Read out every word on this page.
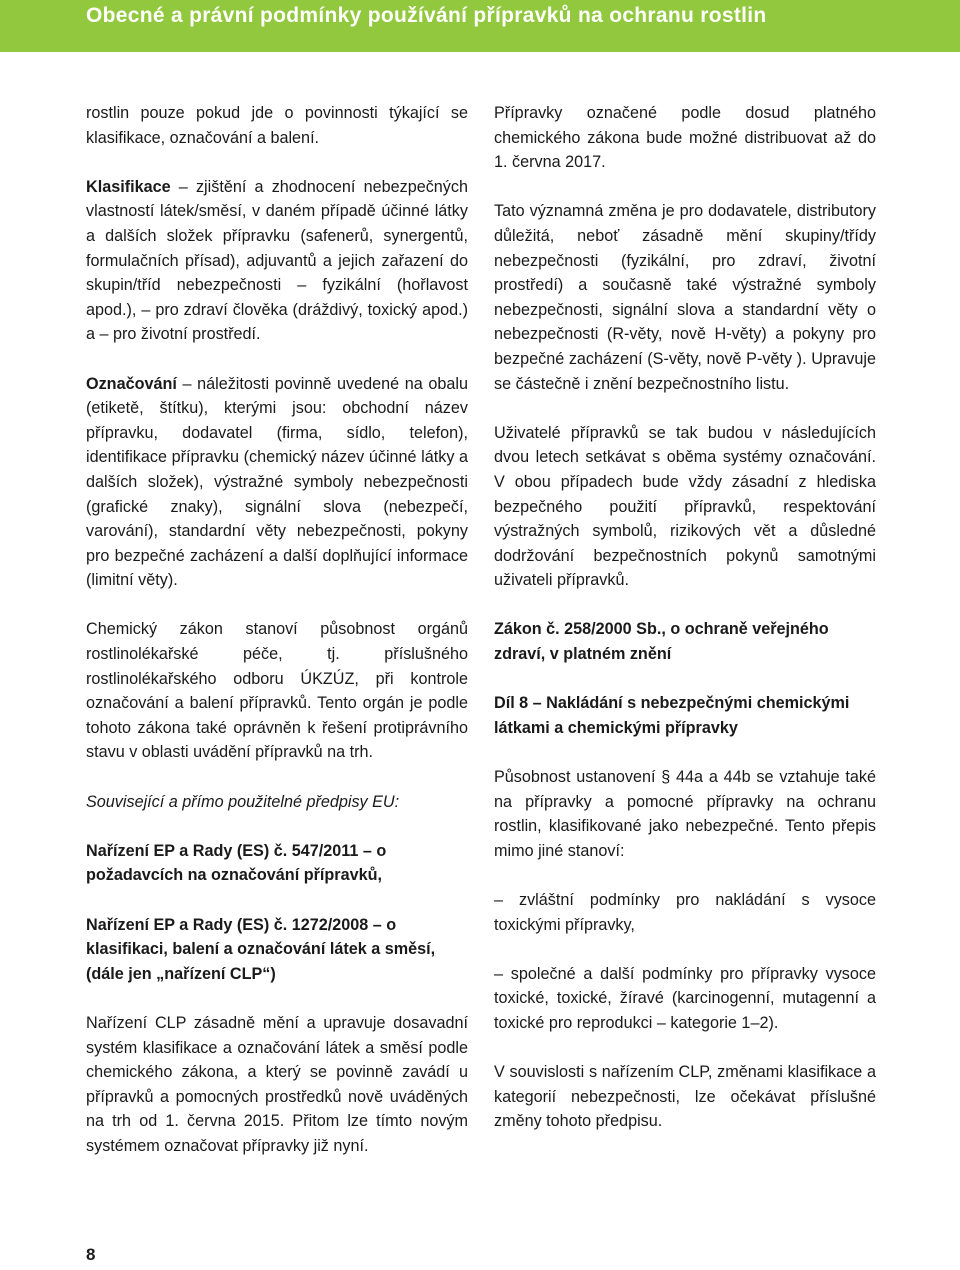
Obecné a právní podmínky používání přípravků na ochranu rostlin

rostlin pouze pokud jde o povinnosti týkající se klasifikace, označování a balení.

Klasifikace – zjištění a zhodnocení nebezpečných vlastností látek/směsí, v daném případě účinné látky a dalších složek přípravku (safenerů, synergentů, formulačních přísad), adjuvantů a jejich zařazení do skupin/tříd nebezpečnosti – fyzikální (hořlavost apod.), – pro zdraví člověka (dráždivý, toxický apod.) a – pro životní prostředí.

Označování – náležitosti povinně uvedené na obalu (etiketě, štítku), kterými jsou: obchodní název přípravku, dodavatel (firma, sídlo, telefon), identifikace přípravku (chemický název účinné látky a dalších složek), výstražné symboly nebezpečnosti (grafické znaky), signální slova (nebezpečí, varování), standardní věty nebezpečnosti, pokyny pro bezpečné zacházení a další doplňující informace (limitní věty).

Chemický zákon stanoví působnost orgánů rostlinolékařské péče, tj. příslušného rostlinolékařského odboru ÚKZÚZ, při kontrole označování a balení přípravků. Tento orgán je podle tohoto zákona také oprávněn k řešení protiprávního stavu v oblasti uvádění přípravků na trh.

Související a přímo použitelné předpisy EU:

Nařízení EP a Rady (ES) č. 547/2011 – o požadavcích na označování přípravků,

Nařízení EP a Rady (ES) č. 1272/2008 – o klasifikaci, balení a označování látek a směsí, (dále jen „nařízení CLP“)

Nařízení CLP zásadně mění a upravuje dosavadní systém klasifikace a označování látek a směsí podle chemického zákona, a který se povinně zavádí u přípravků a pomocných prostředků nově uváděných na trh od 1. června 2015. Přitom lze tímto novým systémem označovat přípravky již nyní.

Přípravky označené podle dosud platného chemického zákona bude možné distribuovat až do 1. června 2017.

Tato významná změna je pro dodavatele, distributory důležitá, neboť zásadně mění skupiny/třídy nebezpečnosti (fyzikální, pro zdraví, životní prostředí) a současně také výstražné symboly nebezpečnosti, signální slova a standardní věty o nebezpečnosti (R-věty, nově H-věty) a pokyny pro bezpečné zacházení (S-věty, nově P-věty ). Upravuje se částečně i znění bezpečnostního listu.

Uživatelé přípravků se tak budou v následujících dvou letech setkávat s oběma systémy označování. V obou případech bude vždy zásadní z hlediska bezpečného použití přípravků, respektování výstražných symbolů, rizikových vět a důsledné dodržování bezpečnostních pokynů samotnými uživateli přípravků.

Zákon č. 258/2000 Sb., o ochraně veřejného zdraví, v platném znění

Díl 8 – Nakládání s nebezpečnými chemickými látkami a chemickými přípravky

Působnost ustanovení § 44a a 44b se vztahuje také na přípravky a pomocné přípravky na ochranu rostlin, klasifikované jako nebezpečné. Tento přepis mimo jiné stanoví:

– zvláštní podmínky pro nakládání s vysoce toxickými přípravky,

– společné a další podmínky pro přípravky vysoce toxické, toxické, žíravé (karcinogenní, mutagenní a toxické pro reprodukci – kategorie 1–2).

V souvislosti s nařízením CLP, změnami klasifikace a kategorií nebezpečnosti, lze očekávat příslušné změny tohoto předpisu.

8
